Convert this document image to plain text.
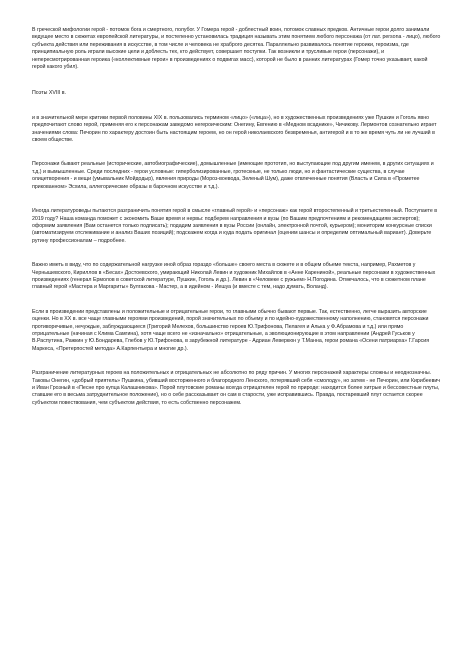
В греческой мифологии герой - потомок бога и смертного, полубог. У Гомера герой - доблестный воин, потомок славных предков. Античные герои долго занимали ведущее место в сюжетах европейской литературы, и постепенно установилась традиция называть этим понятием любого персонажа (от лат. persona - лицо), любого субъекта действия или переживания в искусстве, в том числе и человека не храброго десятка. Параллельно развивалось понятие героики, героизма, где принципиальную роль играли высокие цели и доблесть тех, кто действует, совершает поступки. Так возникли и трусливые герои (персонажи), и непересмотрированная героика («коллективные герои» в произведениях о подвигах масс), которой не было в ранних литературах (Гомер точно указывает, какой герой какого убил).

Поэты XVIII в.

и в значительной мере критики первой половины XIX в. пользовались термином «лицо» («лица»), но в художественных произведениях уже Пушкин и Гоголь явно предпочитают слово герой, применяя его к персонажам заведомо негероическим: Онегину, Евгению в «Медном всаднике», Чичикову. Лермонтов сознательно играет значениями слова: Печорин по характеру достоин быть настоящим героем, но он герой николаевского безвременья, антигерой и в то же время чуть ли не лучший в своем обществе.

Персонажи бывают реальные (исторические, автобиографические), домышленные (имеющие прототип, но выступающие под другим именем, в других ситуациях и т.д.) и вымышленные. Среди последних - герои условные: гиперболизированные, гротескные, не только люди, но и фантастические существа, в случае олицетворения - и вещи (умывальник Мойдодыр), явления природы (Мороз-воевода, Зеленый Шум), даже отвлеченные понятия (Власть и Сила в «Прометее прикованном» Эсхила, аллегорические образы в барочном искусстве и т.д.).

Иногда литературоведы пытаются разграничить понятия герой в смысле «главный герой» и «персонаж» как герой второстепенный и третьестепенный. Поступаете в 2019 году? Наша команда поможет с экономить Ваше время и нервы: подберем направления и вузы (по Вашим предпочтениям и рекомендациям экспертов); оформим заявления (Вам останется только подписать); подадим заявления в вузы России (онлайн, электронной почтой, курьером); мониторим конкурсные списки (автоматизируем отслеживание и анализ Ваших позиций); подскажем когда и куда подать оригинал (оценим шансы и определим оптимальный вариант). Доверьте рутину профессионалам – подробнее.

Важно иметь в виду, что по содержательной нагрузке иной образ гораздо «больше» своего места в сюжете и в общем объеме текста, например, Рахметов у Чернышевского, Кириллов в «Бесах» Достоевского, умирающий Николай Левин и художник Михайлов в «Анне Карениной», реальные персонажи в художественных произведениях (генерал Ермолов в советской литературе, Пушкин, Гоголь и др.). Левин в «Человеке с ружьем» Н.Погодина. Отмечалось, что в сюжетном плане главный герой «Мастера и Маргариты» Булгакова - Мастер, а в идейном - Иешуа (и вместе с тем, надо думать, Воланд).

Если в произведении представлены и положительные и отрицательные герои, то главными обычно бывают первые. Так, естественно, легче выразить авторские оценки. Но в XX в. все чаще главными героями произведений, порой значительных по объему и по идейно-художественному наполнению, становятся персонажи противоречивые, нечуждые, заблуждающиеся (Григорий Мелехов, большинство героев Ю.Трифонова, Пелагея и Алька у Ф.Абрамова и т.д.) или прямо отрицательные (начиная с Клима Самгина), хотя чаще всего не «изначально» отрицательные, а эволюционирующие в этом направлении (Андрей Гуськов у В.Распутина, Ражкин у Ю.Бондарева, Глебов у Ю.Трифонова, в зарубежной литературе - Адриан Леверкюн у Т.Манна, герои романа «Осени патриарха» Г.Гарсия Маркеса, «Претерпостей метода» А.Карпентьера и многие др.).

Разграничение литературных героев на положительных и отрицательных не абсолютно по ряду причин. У многих персонажей характеры сложны и неоднозначны. Таковы Онегин, «добрый приятель» Пушкина, убивший восторженного и благородного Ленского, потерявший себя «смолоду», но затем - не Печорин, или Кирибеевич и Иван Грозный в «Песне про купца Калашникова». Порой плутовские романы всегда отрицателен герой по природе: находится более хитрые и бессовестные плуты, ставшие его в весьма затруднительное положение), но о себе рассказывает он сам в старости, уже исправившись. Правда, постаревший плут остается скорее субъектом повествования, чем субъектом действия, то есть собственно персонажем.
